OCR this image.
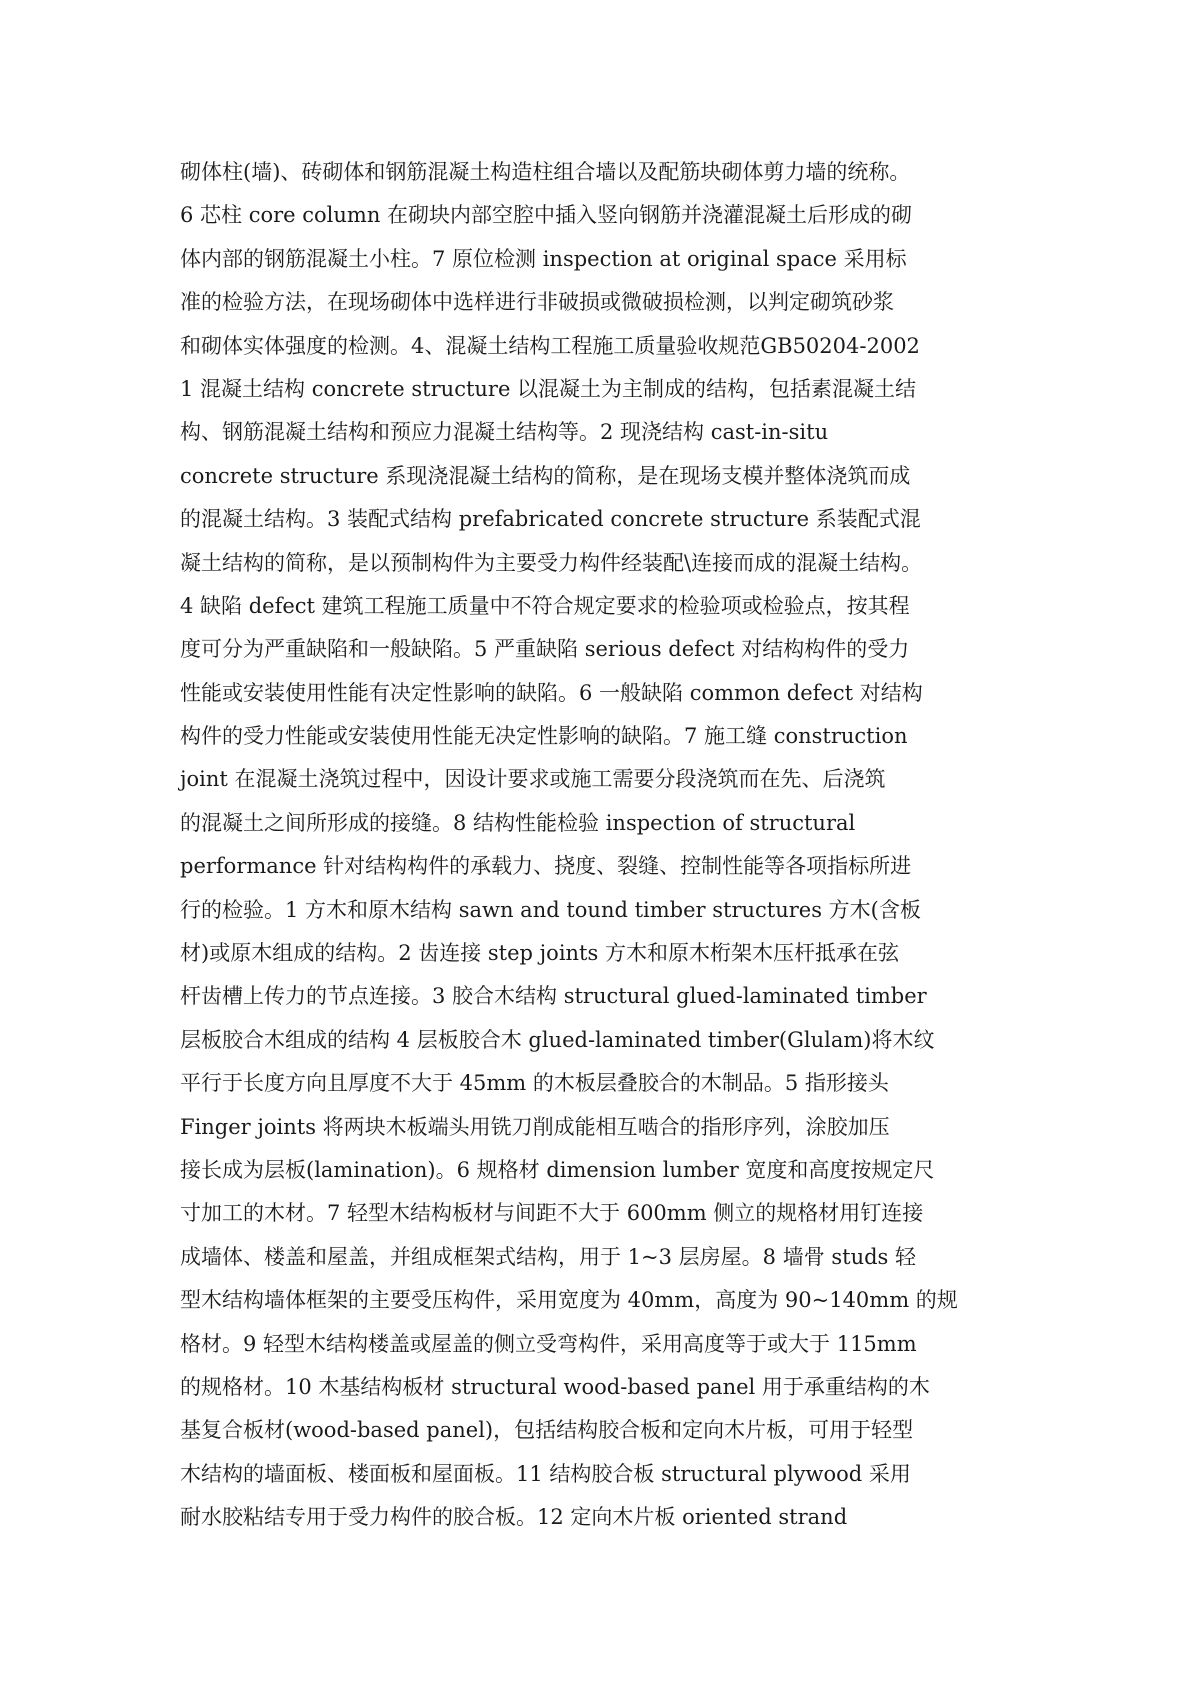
砌体柱(墙)、砖砌体和钢筋混凝土构造柱组合墙以及配筋块砌体剪力墙的统称。
6 芯柱 core column 在砌块内部空腔中插入竖向钢筋并浇灌混凝土后形成的砌
体内部的钢筋混凝土小柱。7 原位检测 inspection at original space 采用标
准的检验方法，在现场砌体中选样进行非破损或微破损检测，以判定砌筑砂浆
和砌体实体强度的检测。4、混凝土结构工程施工质量验收规范GB50204-2002
1 混凝土结构 concrete structure 以混凝土为主制成的结构，包括素混凝土结
构、钢筋混凝土结构和预应力混凝土结构等。2 现浇结构 cast-in-situ
concrete structure 系现浇混凝土结构的简称，是在现场支模并整体浇筑而成
的混凝土结构。3 装配式结构 prefabricated concrete structure 系装配式混
凝土结构的简称，是以预制构件为主要受力构件经装配\连接而成的混凝土结构。
4 缺陷 defect 建筑工程施工质量中不符合规定要求的检验项或检验点，按其程
度可分为严重缺陷和一般缺陷。5 严重缺陷 serious defect 对结构构件的受力
性能或安装使用性能有决定性影响的缺陷。6 一般缺陷 common defect 对结构
构件的受力性能或安装使用性能无决定性影响的缺陷。7 施工缝 construction
joint 在混凝土浇筑过程中，因设计要求或施工需要分段浇筑而在先、后浇筑
的混凝土之间所形成的接缝。8 结构性能检验 inspection of structural
performance 针对结构构件的承载力、挠度、裂缝、控制性能等各项指标所进
行的检验。1 方木和原木结构 sawn and tound timber structures 方木(含板
材)或原木组成的结构。2 齿连接 step joints 方木和原木桁架木压杆抵承在弦
杆齿槽上传力的节点连接。3 胶合木结构 structural glued-laminated timber
层板胶合木组成的结构 4 层板胶合木 glued-laminated timber(Glulam)将木纹
平行于长度方向且厚度不大于 45mm 的木板层叠胶合的木制品。5 指形接头
Finger joints 将两块木板端头用铣刀削成能相互啮合的指形序列，涂胶加压
接长成为层板(lamination)。6 规格材 dimension lumber 宽度和高度按规定尺
寸加工的木材。7 轻型木结构板材与间距不大于 600mm 侧立的规格材用钉连接
成墙体、楼盖和屋盖，并组成框架式结构，用于 1~3 层房屋。8 墙骨 studs 轻
型木结构墙体框架的主要受压构件，采用宽度为 40mm，高度为 90~140mm 的规
格材。9 轻型木结构楼盖或屋盖的侧立受弯构件，采用高度等于或大于 115mm
的规格材。10 木基结构板材 structural wood-based panel 用于承重结构的木
基复合板材(wood-based panel)，包括结构胶合板和定向木片板，可用于轻型
木结构的墙面板、楼面板和屋面板。11 结构胶合板 structural plywood 采用
耐水胶粘结专用于受力构件的胶合板。12 定向木片板 oriented strand
